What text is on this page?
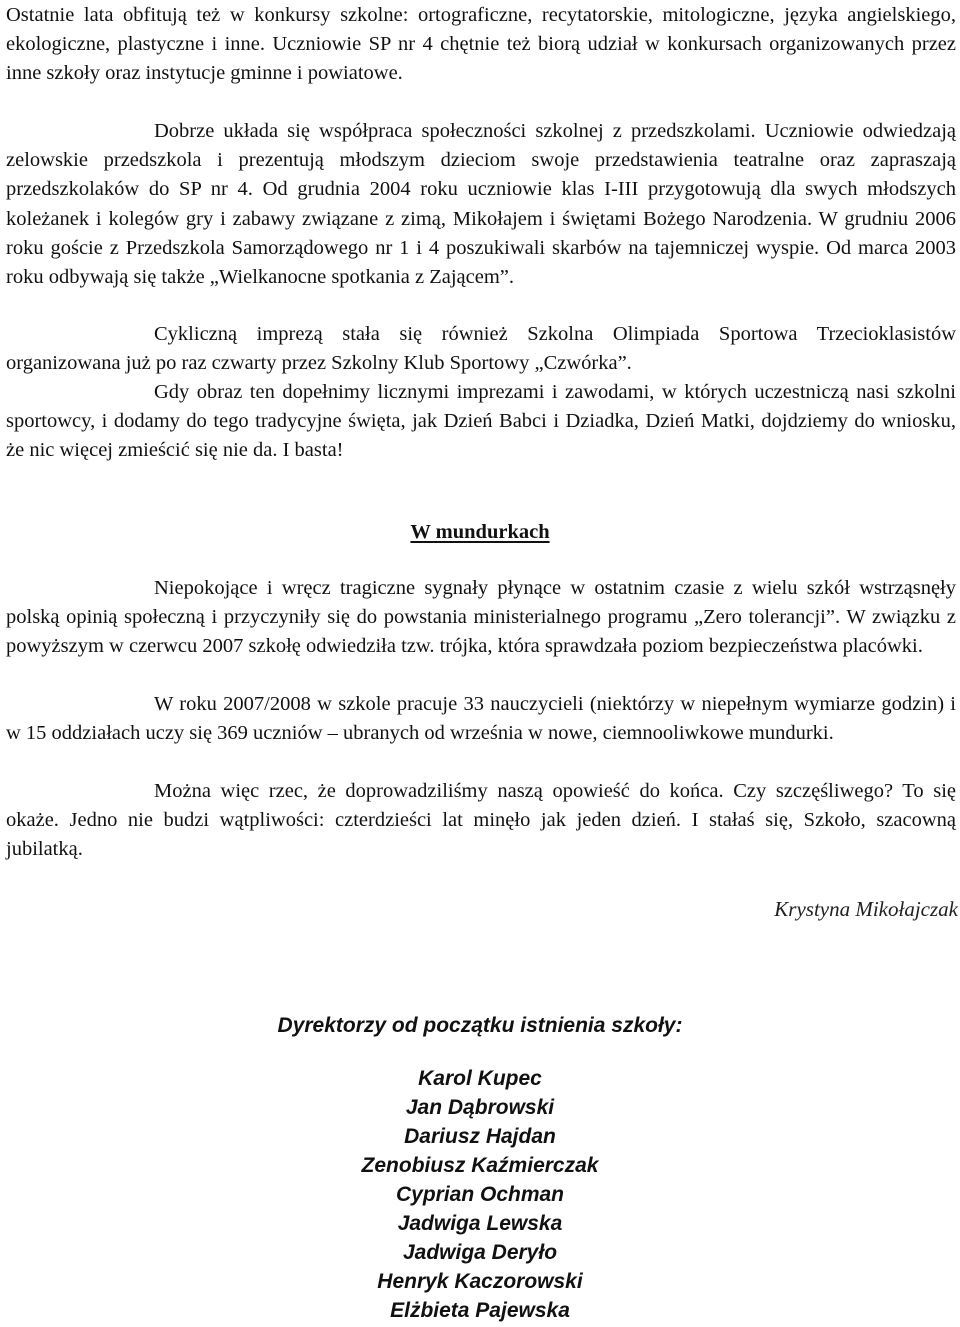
Ostatnie lata obfitują też w konkursy szkolne: ortograficzne, recytatorskie, mitologiczne, języka angielskiego, ekologiczne, plastyczne i inne. Uczniowie SP nr 4 chętnie też biorą udział w konkursach organizowanych przez inne szkoły oraz instytucje gminne i powiatowe.

Dobrze układa się współpraca społeczności szkolnej z przedszkolami. Uczniowie odwiedzają zelowskie przedszkola i prezentują młodszym dzieciom swoje przedstawienia teatralne oraz zapraszają przedszkolaków do SP nr 4. Od grudnia 2004 roku uczniowie klas I-III przygotowują dla swych młodszych koleżanek i kolegów gry i zabawy związane z zimą, Mikołajem i świętami Bożego Narodzenia. W grudniu 2006 roku goście z Przedszkola Samorządowego nr 1 i 4 poszukiwali skarbów na tajemniczej wyspie. Od marca 2003 roku odbywają się także „Wielkanocne spotkania z Zającem”.

Cykliczną imprezą stała się również Szkolna Olimpiada Sportowa Trzecioklasistów organizowana już po raz czwarty przez Szkolny Klub Sportowy „Czwórka”.

Gdy obraz ten dopełnimy licznymi imprezami i zawodami, w których uczestniczą nasi szkolni sportowcy, i dodamy do tego tradycyjne święta, jak Dzień Babci i Dziadka, Dzień Matki, dojdziemy do wniosku, że nic więcej zmieścić się nie da. I basta!

Niepokojące i wręcz tragiczne sygnały płynące w ostatnim czasie z wielu szkół wstrząsnęły polską opinią społeczną i przyczyniły się do powstania ministerialnego programu „Zero tolerancji”. W związku z powyższym w czerwcu 2007 szkołę odwiedziła tzw. trójka, która sprawdzała poziom bezpieczeństwa placówki.

W roku 2007/2008 w szkole pracuje 33 nauczycieli (niektórzy w niepełnym wymiarze godzin) i w 15 oddziałach uczy się 369 uczniów – ubranych od września w nowe, ciemnooliwkowe mundurki.

Można więc rzec, że doprowadziliśmy naszą opowieść do końca. Czy szczęśliwego? To się okaże. Jedno nie budzi wątpliwości: czterdzieści lat minęło jak jeden dzień. I stałaś się, Szkoło, szacowną jubilatką.

W mundurkach
Krystyna Mikołajczak
Dyrektorzy od początku istnienia szkoły:
Karol Kupec
Jan Dąbrowski
Dariusz Hajdan
Zenobiusz Kaźmierczak
Cyprian Ochman
Jadwiga Lewska
Jadwiga Deryło
Henryk Kaczorowski
Elżbieta Pajewska
